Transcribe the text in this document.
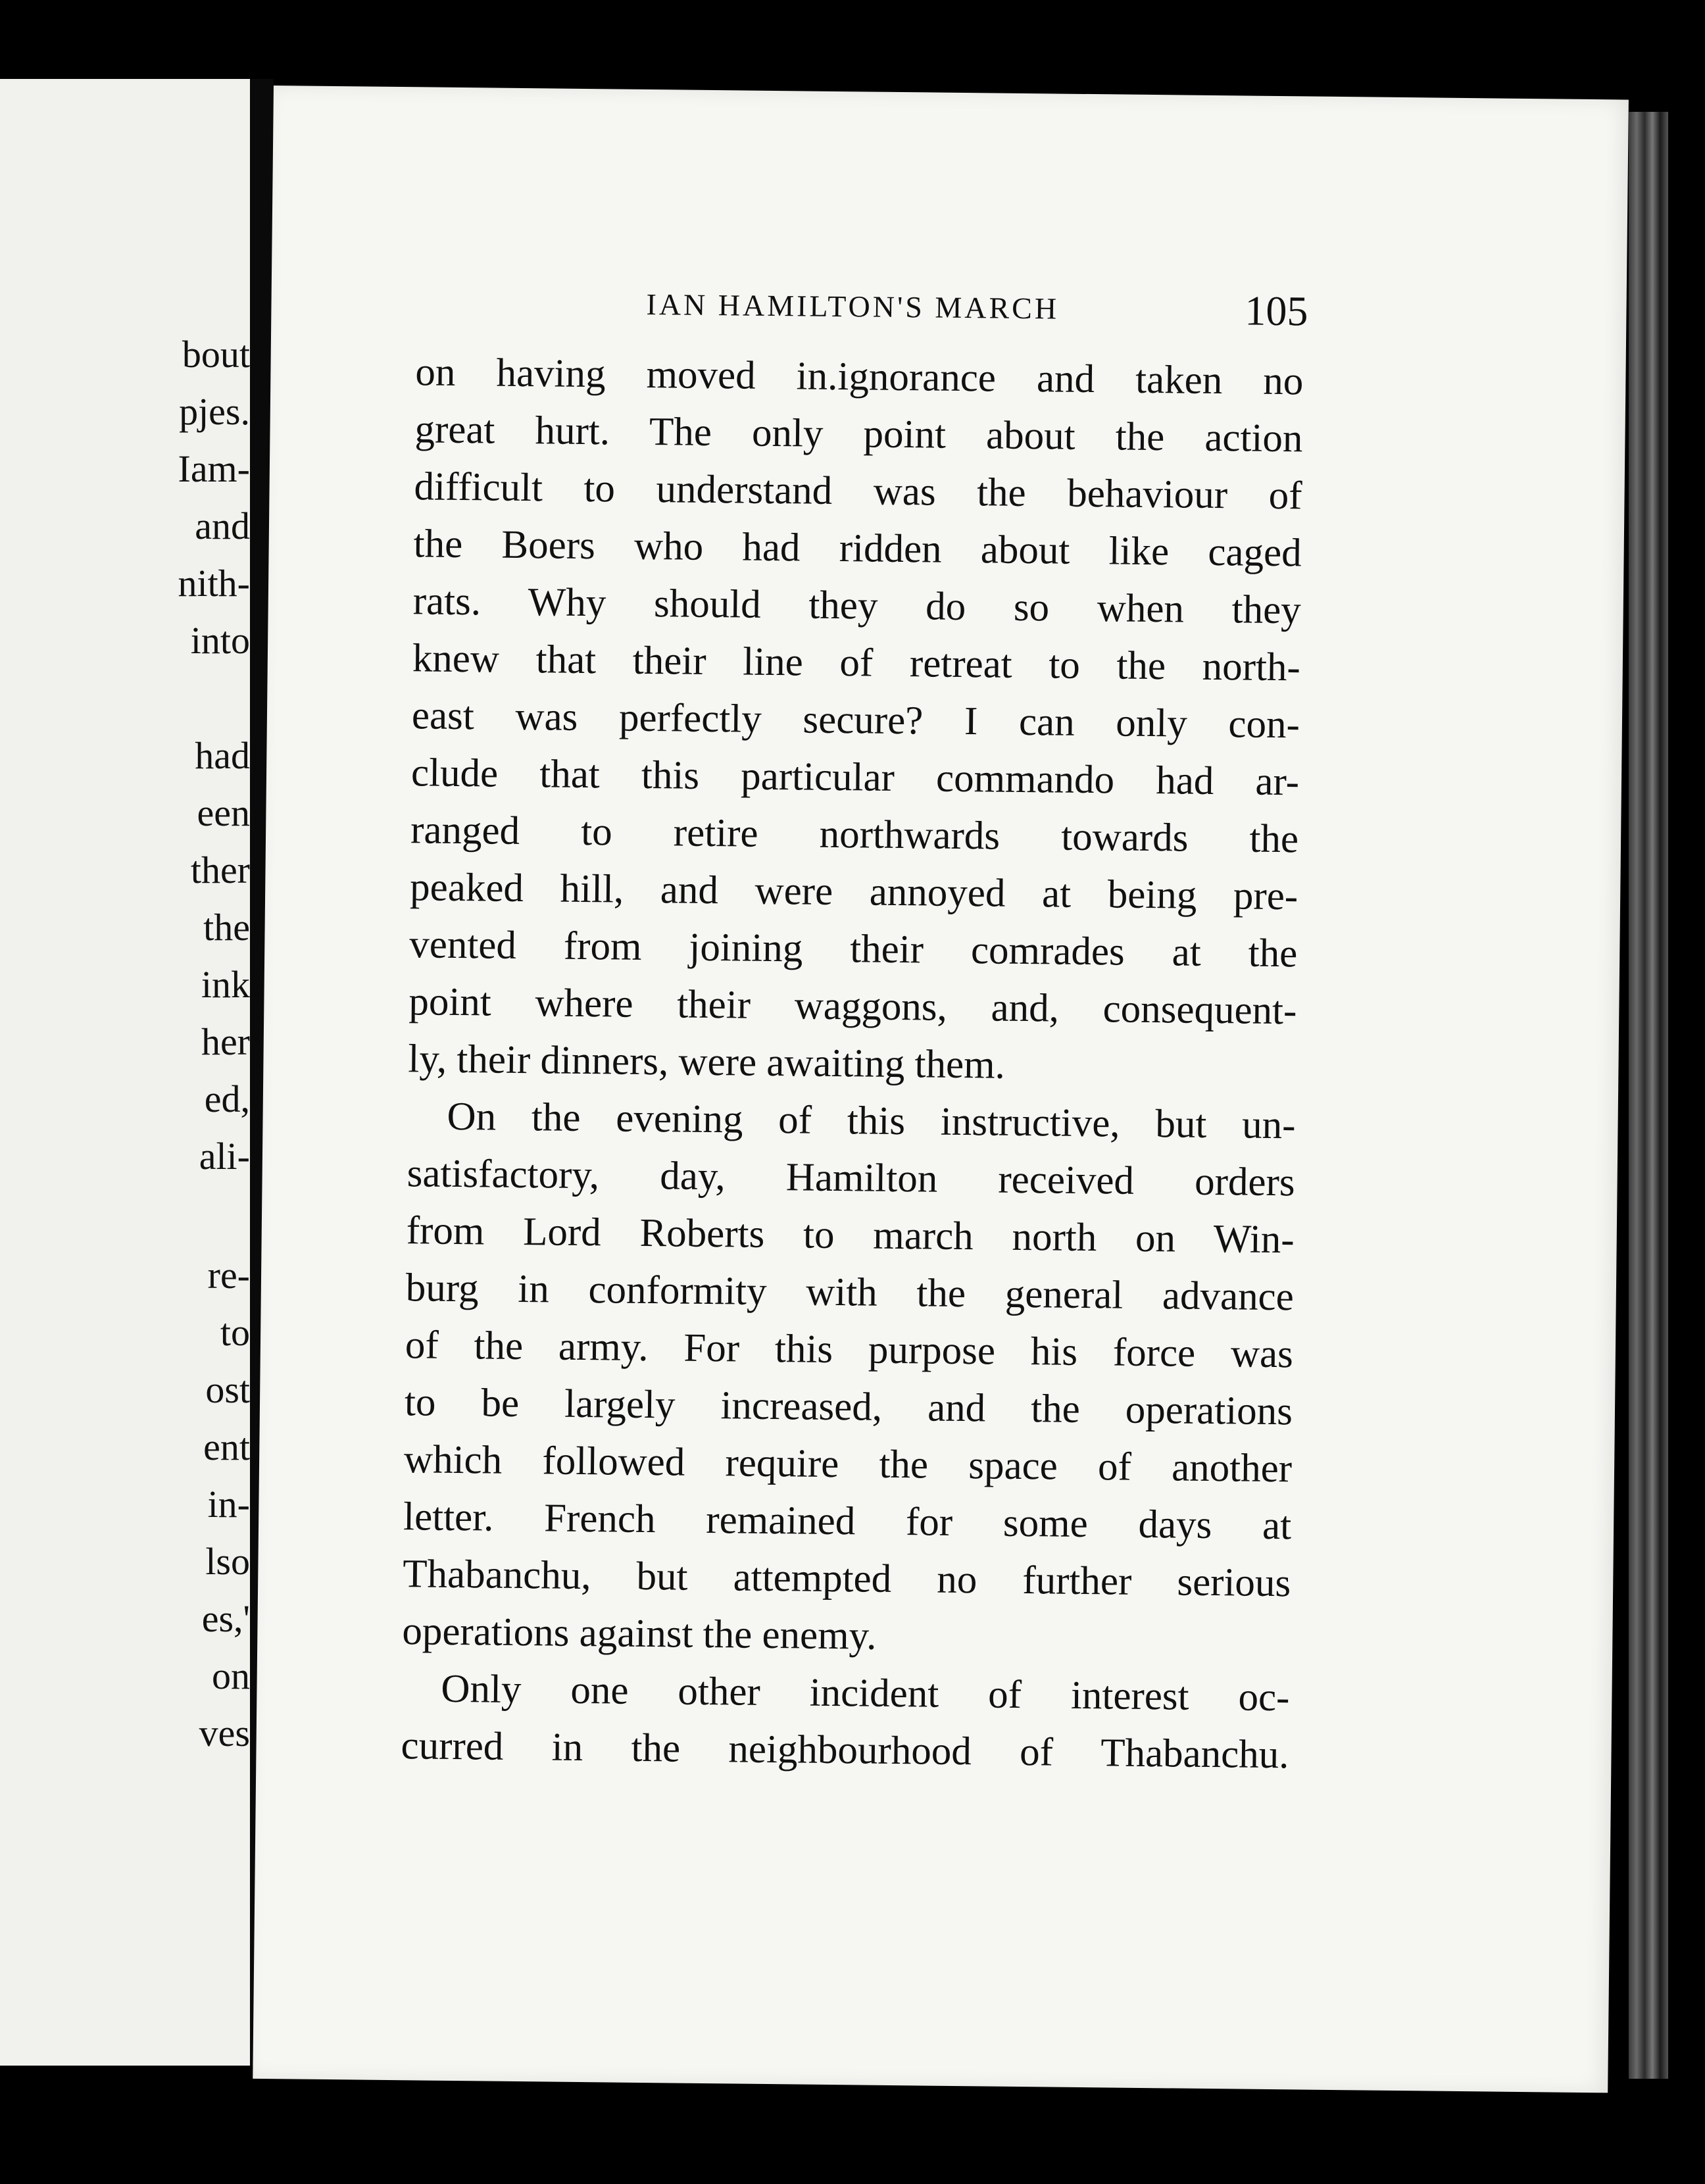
bout
pjes.
Iam-
and
nith-
into
had
een
ther
the
ink
her
ed,
ali-
re-
to
ost
ent
in-
lso
es,'
on
ves
IAN HAMILTON'S MARCH	105
on having moved in.ignorance and taken no
great hurt. The only point about the action
difficult to understand was the behaviour of
the Boers who had ridden about like caged
rats. Why should they do so when they
knew that their line of retreat to the north-
east was perfectly secure? I can only con-
clude that this particular commando had ar-
ranged to retire northwards towards the
peaked hill, and were annoyed at being pre-
vented from joining their comrades at the
point where their waggons, and, consequent-
ly, their dinners, were awaiting them.
On the evening of this instructive, but un-
satisfactory, day, Hamilton received orders
from Lord Roberts to march north on Win-
burg in conformity with the general advance
of the army. For this purpose his force was
to be largely increased, and the operations
which followed require the space of another
letter. French remained for some days at
Thabanchu, but attempted no further serious
operations against the enemy.
Only one other incident of interest oc-
curred in the neighbourhood of Thabanchu.
